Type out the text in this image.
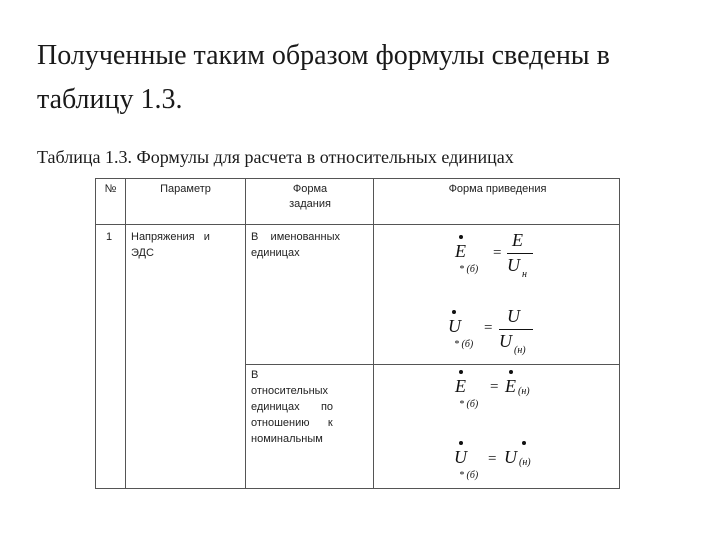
Полученные таким образом формулы сведены в таблицу 1.3.

Таблица 1.3. Формулы для расчета в относительных единицах

№	Параметр	Форма задания
Форма приведения
1 Напряжения   и
ЭДС
В    именованных
единицах
В
относительных
единицах       по
отношению      к
номинальным
E
* (б)
=
E
U н
U
* (б)
=
U
U (н)
E
* (б)
= E (н)
U
* (б)
= U (н)
